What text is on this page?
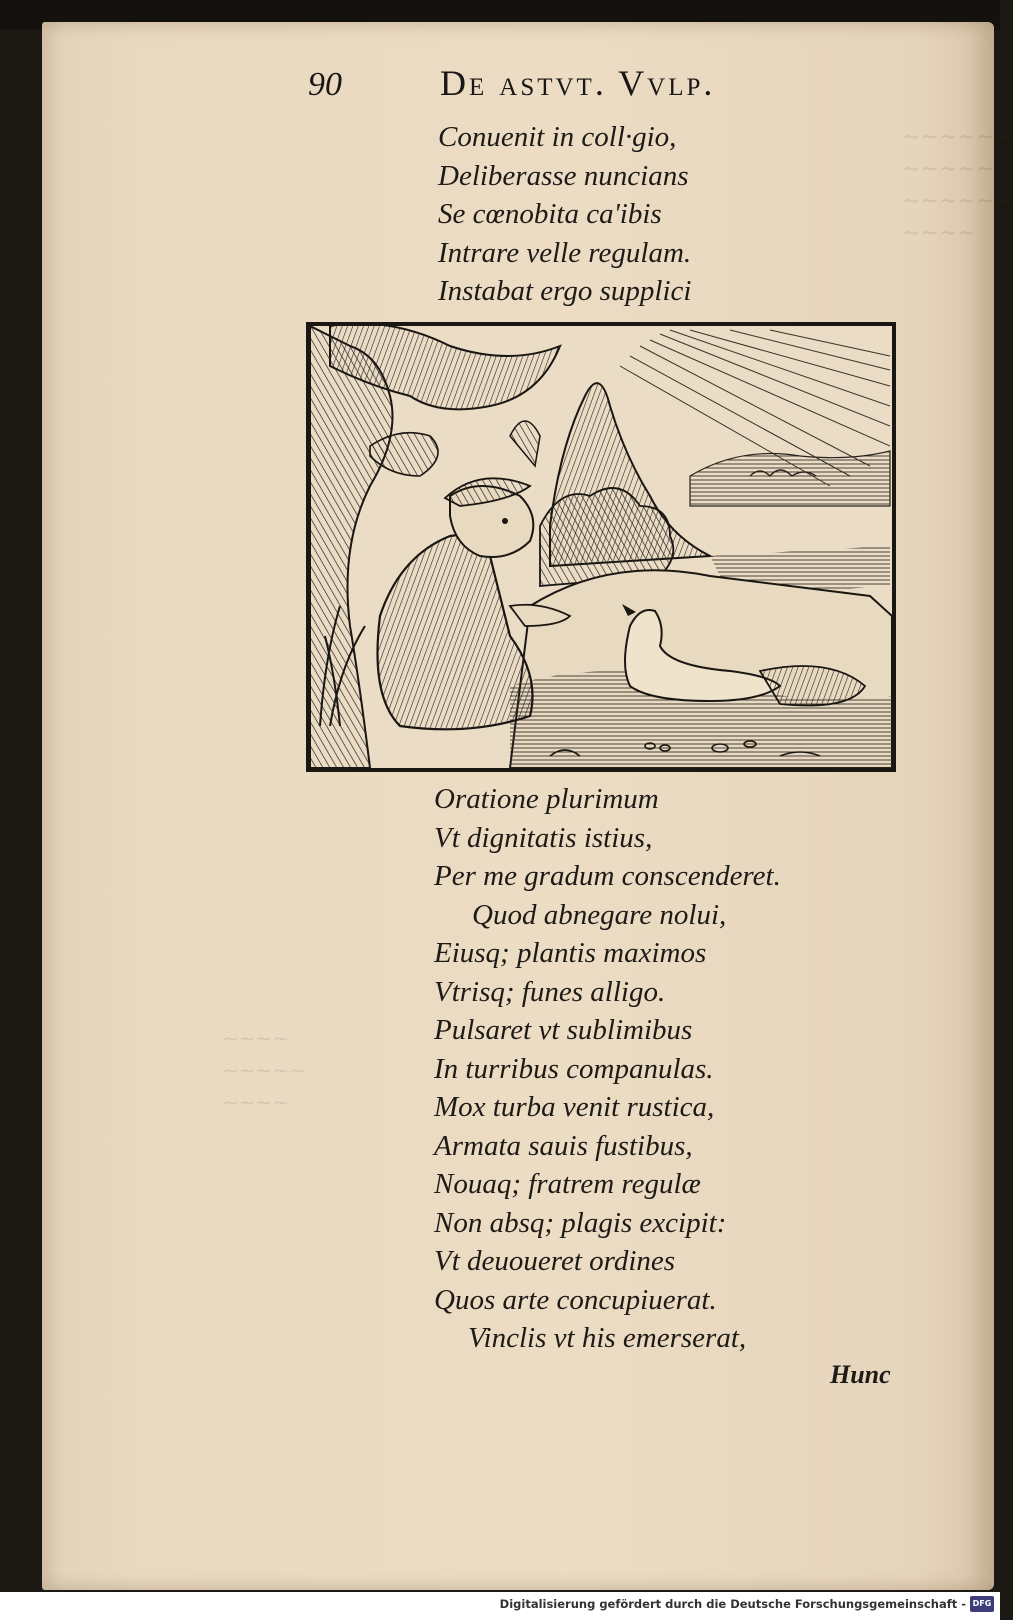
~~~~~~
~~~~~
~~~~~~
~~~~
~~~~
~~~~~
~~~~
90	De astvt. Vvlp.
Conuenit in coll·gio,
Deliberasse nuncians
Se cœnobita ca'ibis
Intrare velle regulam.
Instabat ergo supplici
Oratione plurimum
Vt dignitatis istius,
Per me gradum conscenderet.
Quod abnegare nolui,
Eiusq; plantis maximos
Vtrisq; funes alligo.
Pulsaret vt sublimibus
In turribus companulas.
Mox turba venit rustica,
Armata sauis fustibus,
Nouaq; fratrem regulæ
Non absq; plagis excipit:
Vt deuoueret ordines
Quos arte concupiuerat.
Vinclis vt his emerserat,
Hunc
Digitalisierung gefördert durch die Deutsche Forschungsgemeinschaft - DFG
